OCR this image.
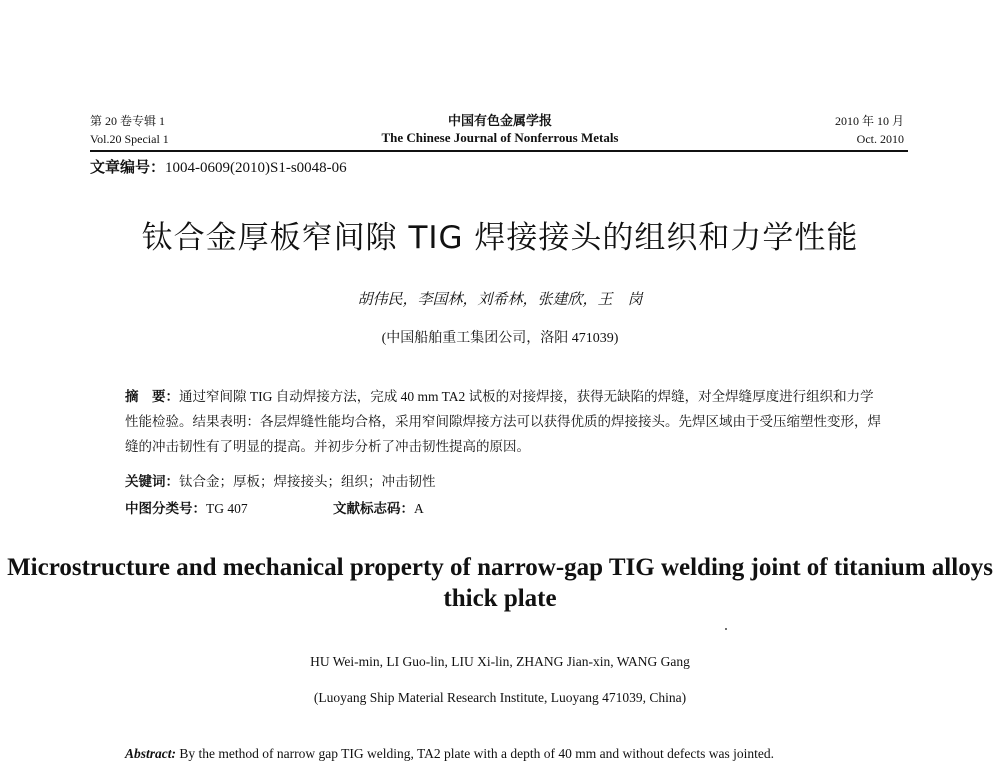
第 20 卷专辑 1
Vol.20 Special 1
中国有色金属学报
The Chinese Journal of Nonferrous Metals
2010 年 10 月
Oct. 2010
文章编号：1004-0609(2010)S1-s0048-06
钛合金厚板窄间隙 TIG 焊接接头的组织和力学性能
胡伟民，李国林，刘希林，张建欣，王　岗
(中国船舶重工集团公司，洛阳 471039)
摘　要：通过窄间隙 TIG 自动焊接方法，完成 40 mm TA2 试板的对接焊接，获得无缺陷的焊缝，对全焊缝厚度进行组织和力学性能检验。结果表明：各层焊缝性能均合格，采用窄间隙焊接方法可以获得优质的焊接接头。先焊区域由于受压缩塑性变形，焊缝的冲击韧性有了明显的提高。并初步分析了冲击韧性提高的原因。
关键词：钛合金；厚板；焊接接头；组织；冲击韧性
中图分类号：TG 407	文献标志码：A
Microstructure and mechanical property of narrow-gap TIG welding joint of titanium alloys thick plate
HU Wei-min, LI Guo-lin, LIU Xi-lin, ZHANG Jian-xin, WANG Gang
(Luoyang Ship Material Research Institute, Luoyang 471039, China)
Abstract: By the method of narrow gap TIG welding, TA2 plate with a depth of 40 mm and without defects was jointed.
